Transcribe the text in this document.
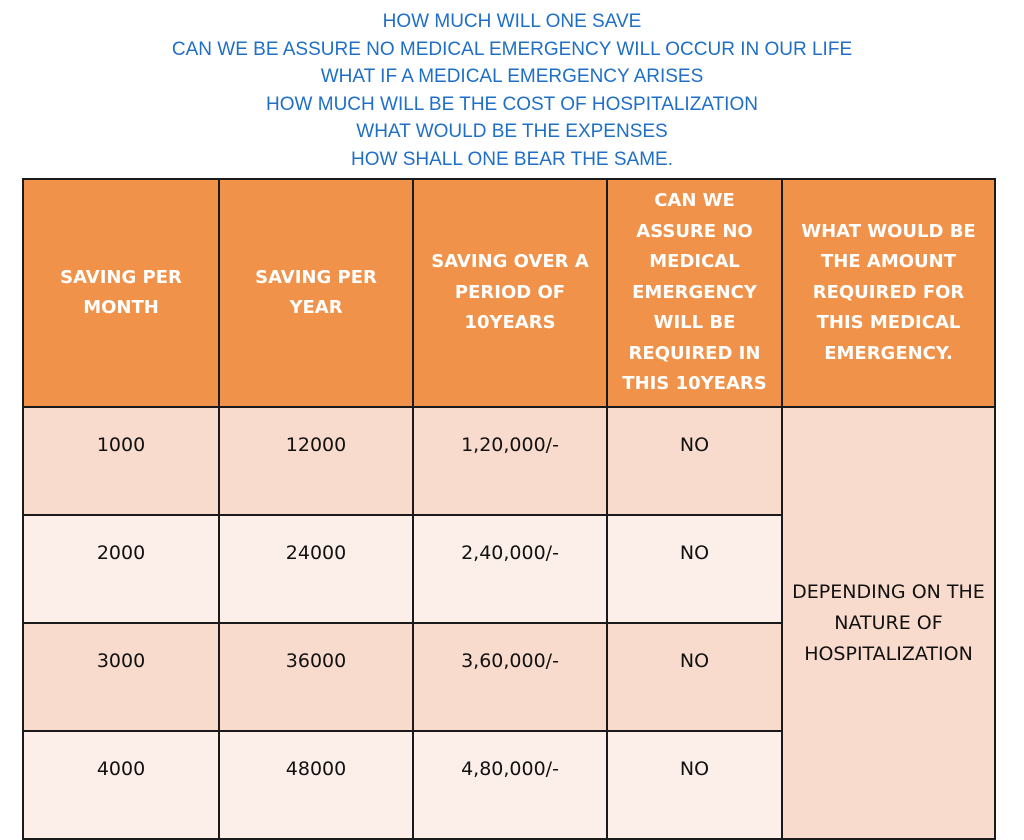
HOW MUCH WILL ONE SAVE
CAN WE BE ASSURE NO MEDICAL EMERGENCY WILL OCCUR IN OUR LIFE
WHAT IF A MEDICAL EMERGENCY ARISES
HOW MUCH WILL BE THE COST OF HOSPITALIZATION
WHAT WOULD BE THE EXPENSES
HOW SHALL ONE BEAR THE SAME.
SAVING PER MONTH	SAVING PER YEAR	SAVING OVER A PERIOD OF 10YEARS	CAN WE ASSURE NO MEDICAL EMERGENCY WILL BE REQUIRED IN THIS 10YEARS	WHAT WOULD BE THE AMOUNT REQUIRED FOR THIS MEDICAL EMERGENCY.
1000	12000	1,20,000/-	NO	DEPENDING ON THE NATURE OF HOSPITALIZATION
2000	24000	2,40,000/-	NO	
3000	36000	3,60,000/-	NO	
4000	48000	4,80,000/-	NO	
